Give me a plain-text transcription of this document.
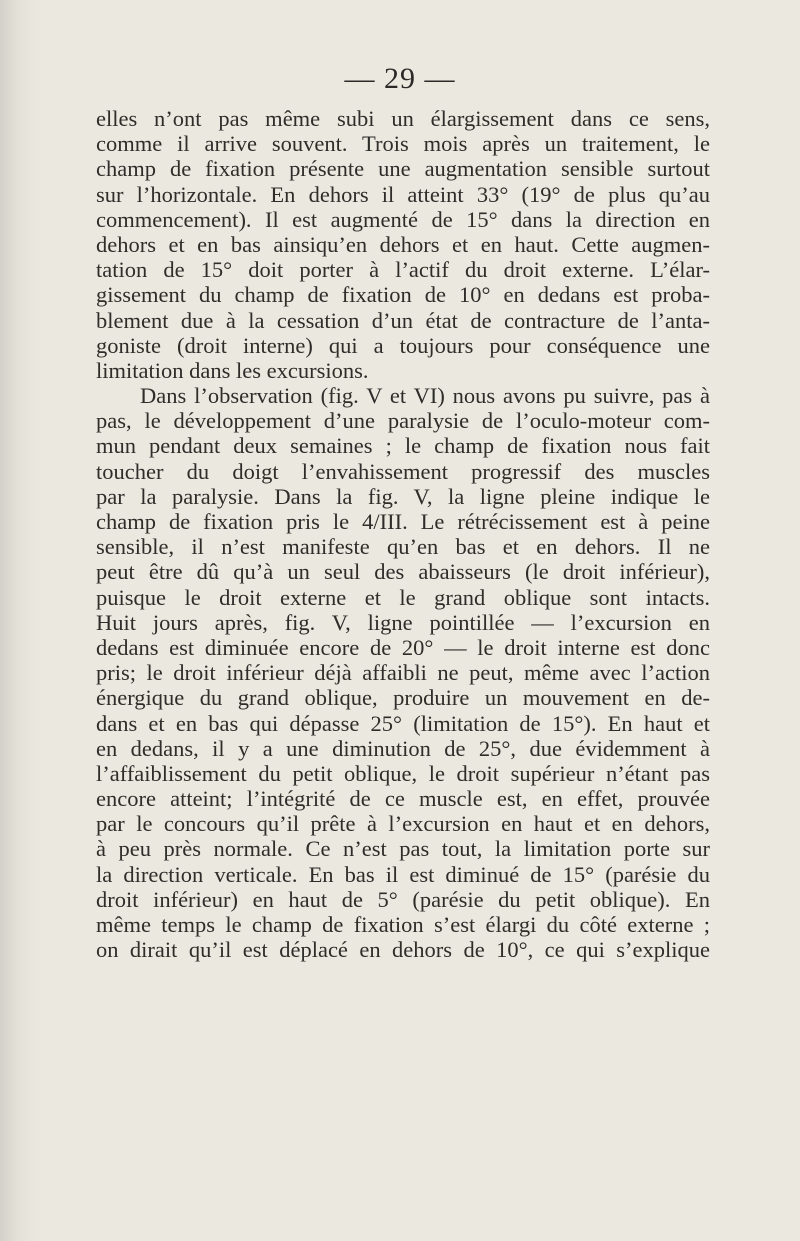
— 29 —
elles n’ont pas même subi un élargissement dans ce sens,
comme il arrive souvent. Trois mois après un traitement, le
champ de fixation présente une augmentation sensible surtout
sur l’horizontale. En dehors il atteint 33° (19° de plus qu’au
commencement). Il est augmenté de 15° dans la direction en
dehors et en bas ainsiqu’en dehors et en haut. Cette augmen-
tation de 15° doit porter à l’actif du droit externe. L’élar-
gissement du champ de fixation de 10° en dedans est proba-
blement due à la cessation d’un état de contracture de l’anta-
goniste (droit interne) qui a toujours pour conséquence une
limitation dans les excursions.
Dans l’observation (fig. V et VI) nous avons pu suivre, pas à
pas, le développement d’une paralysie de l’oculo-moteur com-
mun pendant deux semaines ; le champ de fixation nous fait
toucher du doigt l’envahissement progressif des muscles
par la paralysie. Dans la fig. V, la ligne pleine indique le
champ de fixation pris le 4/III. Le rétrécissement est à peine
sensible, il n’est manifeste qu’en bas et en dehors. Il ne
peut être dû qu’à un seul des abaisseurs (le droit inférieur),
puisque le droit externe et le grand oblique sont intacts.
Huit jours après, fig. V, ligne pointillée — l’excursion en
dedans est diminuée encore de 20° — le droit interne est donc
pris; le droit inférieur déjà affaibli ne peut, même avec l’action
énergique du grand oblique, produire un mouvement en de-
dans et en bas qui dépasse 25° (limitation de 15°). En haut et
en dedans, il y a une diminution de 25°, due évidemment à
l’affaiblissement du petit oblique, le droit supérieur n’étant pas
encore atteint; l’intégrité de ce muscle est, en effet, prouvée
par le concours qu’il prête à l’excursion en haut et en dehors,
à peu près normale. Ce n’est pas tout, la limitation porte sur
la direction verticale. En bas il est diminué de 15° (parésie du
droit inférieur) en haut de 5° (parésie du petit oblique). En
même temps le champ de fixation s’est élargi du côté externe ;
on dirait qu’il est déplacé en dehors de 10°, ce qui s’explique
